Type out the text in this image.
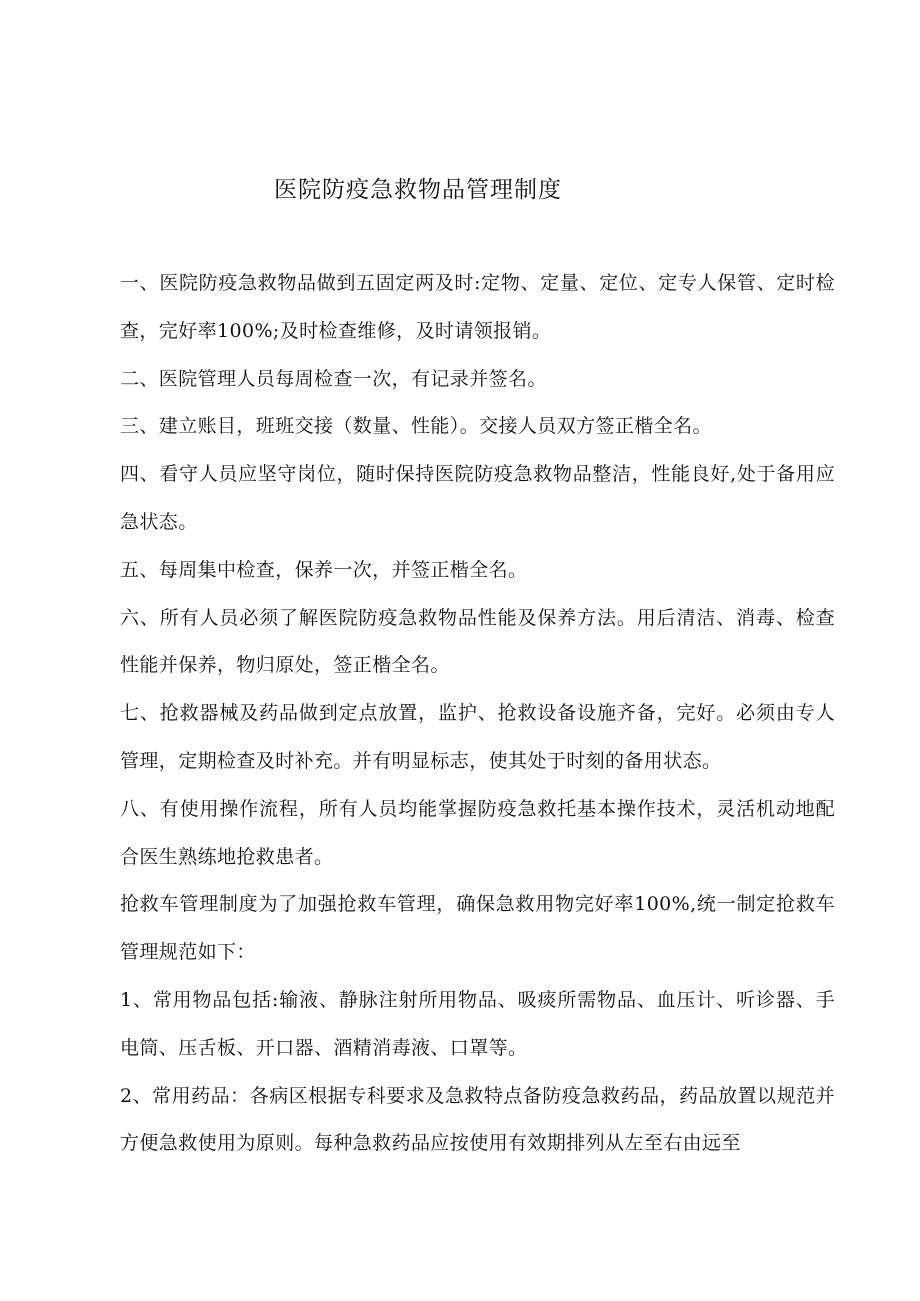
医院防疫急救物品管理制度

一、医院防疫急救物品做到五固定两及时:定物、定量、定位、定专人保管、定时检查，完好率100%;及时检查维修，及时请领报销。

二、医院管理人员每周检查一次，有记录并签名。

三、建立账目，班班交接（数量、性能）。交接人员双方签正楷全名。

四、看守人员应坚守岗位，随时保持医院防疫急救物品整洁，性能良好,处于备用应急状态。

五、每周集中检查，保养一次，并签正楷全名。

六、所有人员必须了解医院防疫急救物品性能及保养方法。用后清洁、消毒、检查性能并保养，物归原处，签正楷全名。

七、抢救器械及药品做到定点放置，监护、抢救设备设施齐备，完好。必须由专人管理，定期检查及时补充。并有明显标志，使其处于时刻的备用状态。

八、有使用操作流程，所有人员均能掌握防疫急救托基本操作技术，灵活机动地配合医生熟练地抢救患者。

抢救车管理制度为了加强抢救车管理，确保急救用物完好率100%,统一制定抢救车管理规范如下：

1、常用物品包括:输液、静脉注射所用物品、吸痰所需物品、血压计、听诊器、手电筒、压舌板、开口器、酒精消毒液、口罩等。

2、常用药品：各病区根据专科要求及急救特点备防疫急救药品，药品放置以规范并方便急救使用为原则。每种急救药品应按使用有效期排列从左至右由远至
